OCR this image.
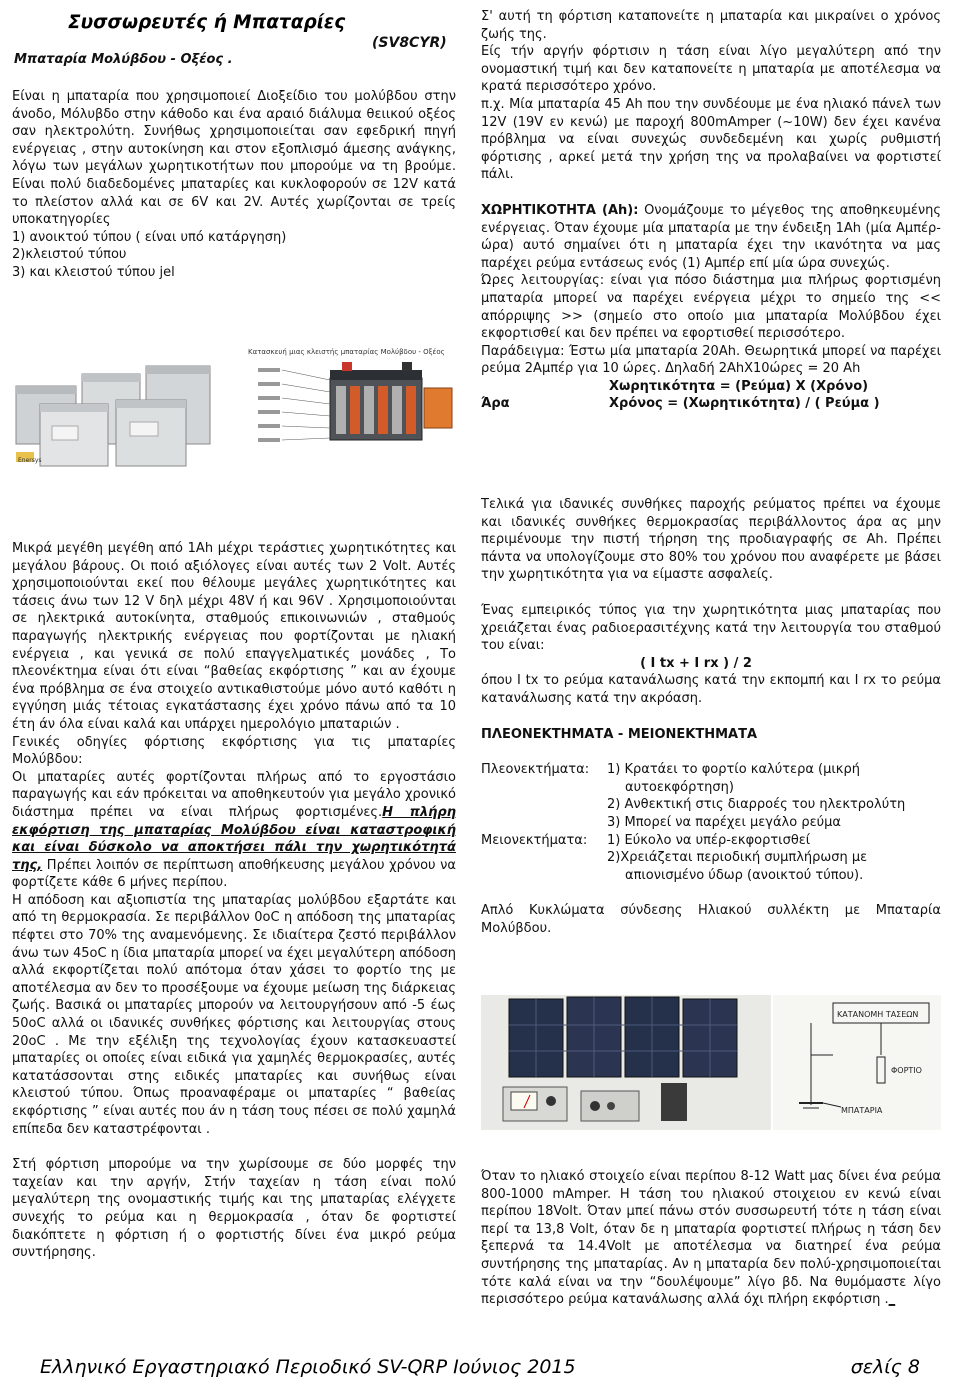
Συσσωρευτές ή Μπαταρίες
(SV8CYR)
Μπαταρία Μολύβδου - Οξέος .

Είναι η μπαταρία που χρησιμοποιεί Διοξείδιο του μολύβδου στην άνοδο, Μόλυβδο στην κάθοδο και ένα αραιό διάλυμα θειικού οξέος σαν ηλεκτρολύτη. Συνήθως χρησιμοποιείται σαν εφεδρική πηγή ενέργειας , στην αυτοκίνηση και στον εξοπλισμό άμεσης ανάγκης, λόγω των μεγάλων χωρητικοτήτων που μπορούμε να τη βρούμε. Είναι πολύ διαδεδομένες μπαταρίες και κυκλοφορούν σε 12V κατά το πλείστον αλλά και σε 6V και 2V. Αυτές χωρίζονται σε τρείς υποκατηγορίες

1) ανοικτού τύπου ( είναι υπό κατάργηση)

2)κλειστού τύπου

3) και κλειστού τύπου jel

Κατασκευή μιας κλειστής μπαταρίας Μολύβδου - Οξέος
Enersys

Μικρά μεγέθη μεγέθη από 1Ah μέχρι τεράστιες χωρητικότητες και μεγάλου βάρους. Οι ποιό αξιόλογες είναι αυτές των 2 Volt. Αυτές χρησιμοποιούνται εκεί που θέλουμε μεγάλες χωρητικότητες και τάσεις άνω των 12 V δηλ μέχρι 48V ή και 96V . Χρησιμοποιούνται σε ηλεκτρικά αυτοκίνητα, σταθμούς επικοινωνιών , σταθμούς παραγωγής ηλεκτρικής ενέργειας που φορτίζονται με ηλιακή ενέργεια , και γενικά σε πολύ επαγγελματικές μονάδες , Το πλεονέκτημα είναι ότι είναι “βαθείας εκφόρτισης ” και αν έχουμε ένα πρόβλημα σε ένα στοιχείο αντικαθιστούμε μόνο αυτό καθότι η εγγύηση μιάς τέτοιας εγκατάστασης έχει χρόνο πάνω από τα 10 έτη άν όλα είναι καλά και υπάρχει ημερολόγιο μπαταριών .

Γενικές οδηγίες φόρτισης εκφόρτισης για τις μπαταρίες Μολύβδου:

Οι μπαταρίες αυτές φορτίζονται πλήρως από το εργοστάσιο παραγωγής και εάν πρόκειται να αποθηκευτούν για μεγάλο χρονικό διάστημα πρέπει να είναι πλήρως φορτισμένες.Η πλήρη εκφόρτιση της μπαταρίας Μολύβδου είναι καταστροφική και είναι δύσκολο να αποκτήσει πάλι την χωρητικότητά της, Πρέπει λοιπόν σε περίπτωση αποθήκευσης μεγάλου χρόνου να φορτίζετε κάθε 6 μήνες περίπου.

Η απόδοση και αξιοπιστία της μπαταρίας μολύβδου εξαρτάτε και από τη θερμοκρασία. Σε περιβάλλον 0oC η απόδοση της μπαταρίας πέφτει στο 70% της αναμενόμενης. Σε ιδιαίτερα ζεστό περιβάλλον άνω των 45oC η ίδια μπαταρία μπορεί να έχει μεγαλύτερη απόδοση αλλά εκφορτίζεται πολύ απότομα όταν χάσει το φορτίο της με αποτέλεσμα αν δεν το προσέξουμε να έχουμε μείωση της διάρκειας ζωής. Βασικά οι μπαταρίες μπορούν να λειτουργήσουν από -5 έως 50oC αλλά οι ιδανικές συνθήκες φόρτισης και λειτουργίας στους 20oC . Με την εξέλιξη της τεχνολογίας έχουν κατασκευαστεί μπαταρίες οι οποίες είναι ειδικά για χαμηλές θερμοκρασίες, αυτές κατατάσσονται στης ειδικές μπαταρίες και συνήθως είναι κλειστού τύπου. Όπως προαναφέραμε οι μπαταρίες “ βαθείας εκφόρτισης ” είναι αυτές που άν η τάση τους πέσει σε πολύ χαμηλά επίπεδα δεν καταστρέφονται .

Στή φόρτιση μπορούμε να την χωρίσουμε σε δύο μορφές την ταχείαν και την αργήν, Στήν ταχείαν η τάση είναι πολύ μεγαλύτερη της ονομαστικής τιμής και της μπαταρίας ελέγχετε συνεχής το ρεύμα και η θερμοκρασία , όταν δε φορτιστεί διακόπτετε η φόρτιση ή ο φορτιστής δίνει ένα μικρό ρεύμα συντήρησης.

Σ' αυτή τη φόρτιση καταπονείτε η μπαταρία και μικραίνει ο χρόνος ζωής της.

Είς τήν αργήν φόρτισιν η τάση είναι λίγο μεγαλύτερη από την ονομαστική τιμή και δεν καταπονείτε η μπαταρία με αποτέλεσμα να κρατά περισσότερο χρόνο.

π.χ. Μία μπαταρία 45 Ah που την συνδέουμε με ένα ηλιακό πάνελ των 12V (19V εν κενώ) με παροχή 800mAmper (~10W) δεν έχει κανένα πρόβλημα να είναι συνεχώς συνδεδεμένη και χωρίς ρυθμιστή φόρτισης , αρκεί μετά την χρήση της να προλαβαίνει να φορτιστεί πάλι.

ΧΩΡΗΤΙΚΟΤΗΤΑ (Ah): Ονομάζουμε το μέγεθος της αποθηκευμένης ενέργειας. Όταν έχουμε μία μπαταρία με την ένδειξη 1Ah (μία Αμπέρ-ώρα) αυτό σημαίνει ότι η μπαταρία έχει την ικανότητα να μας παρέχει ρεύμα εντάσεως ενός (1) Αμπέρ επί μία ώρα συνεχώς.

Ώρες λειτουργίας: είναι για πόσο διάστημα μια πλήρως φορτισμένη μπαταρία μπορεί να παρέχει ενέργεια μέχρι το σημείο της << απόρριψης >> (σημείο στο οποίο μια μπαταρία Μολύβδου έχει εκφορτισθεί και δεν πρέπει να εφορτισθεί περισσότερο.

Παράδειγμα: Έστω μία μπαταρία 20Ah. Θεωρητικά μπορεί να παρέχει ρεύμα 2Αμπέρ για 10 ώρες. Δηλαδή 2AhX10ώρες = 20 Ah

Χωρητικότητα = (Ρεύμα) X (Χρόνο)

Άρα	Χρόνος = (Χωρητικότητα) / ( Ρεύμα )

Τελικά για ιδανικές συνθήκες παροχής ρεύματος πρέπει να έχουμε και ιδανικές συνθήκες θερμοκρασίας περιβάλλοντος άρα ας μην περιμένουμε την πιστή τήρηση της προδιαγραφής σε Ah. Πρέπει πάντα να υπολογίζουμε στο 80% του χρόνου που αναφέρετε με βάσει την χωρητικότητα για να είμαστε ασφαλείς.

Ένας εμπειρικός τύπος για την χωρητικότητα μιας μπαταρίας που χρειάζεται ένας ραδιοερασιτέχνης κατά την λειτουργία του σταθμού του είναι:

( I tx + I rx ) / 2

όπου I tx το ρεύμα κατανάλωσης κατά την εκπομπή και I rx το ρεύμα κατανάλωσης κατά την ακρόαση.

ΠΛΕΟΝΕΚΤΗΜΑΤΑ - ΜΕΙΟΝΕΚΤΗΜΑΤΑ

Πλεονεκτήματα:	1) Κρατάει το φορτίο καλύτερα (μικρή
αυτοεκφόρτηση)
2) Ανθεκτική στις διαρροές του ηλεκτρολύτη
3) Μπορεί να παρέχει μεγάλο ρεύμα
Μειονεκτήματα:	1) Εύκολο να υπέρ-εκφορτισθεί
2)Χρειάζεται περιοδική συμπλήρωση με
απιονισμένο ύδωρ (ανοικτού τύπου).

Απλό Κυκλώματα σύνδεσης Ηλιακού συλλέκτη με Μπαταρία Μολύβδου.

ΚΑΤΑΝΟΜΗ ΤΑΣΕΩΝ
ΦΟΡΤΙΟ
ΜΠΑΤΑΡΙΑ

Όταν το ηλιακό στοιχείο είναι περίπου 8-12 Watt μας δίνει ένα ρεύμα 800-1000 mAmper. Η τάση του ηλιακού στοιχειου εν κενώ είναι περίπου 18Volt. Όταν μπεί πάνω στόν συσσωρευτή τότε η τάση είναι περί τα 13,8 Volt, όταν δε η μπαταρία φορτιστεί πλήρως η τάση δεν ξεπερνά τα 14.4Volt με αποτέλεσμα να διατηρεί ένα ρεύμα συντήρησης της μπαταρίας. Αν η μπαταρία δεν πολύ-χρησιμοποιείται τότε καλά είναι να την “δουλέψουμε” λίγο βδ. Να θυμόμαστε λίγο περισσότερο ρεύμα κατανάλωσης αλλά όχι πλήρη εκφόρτιση ._

Ελληνικό Εργαστηριακό Περιοδικό SV-QRP Ιούνιος 2015	σελίς 8
